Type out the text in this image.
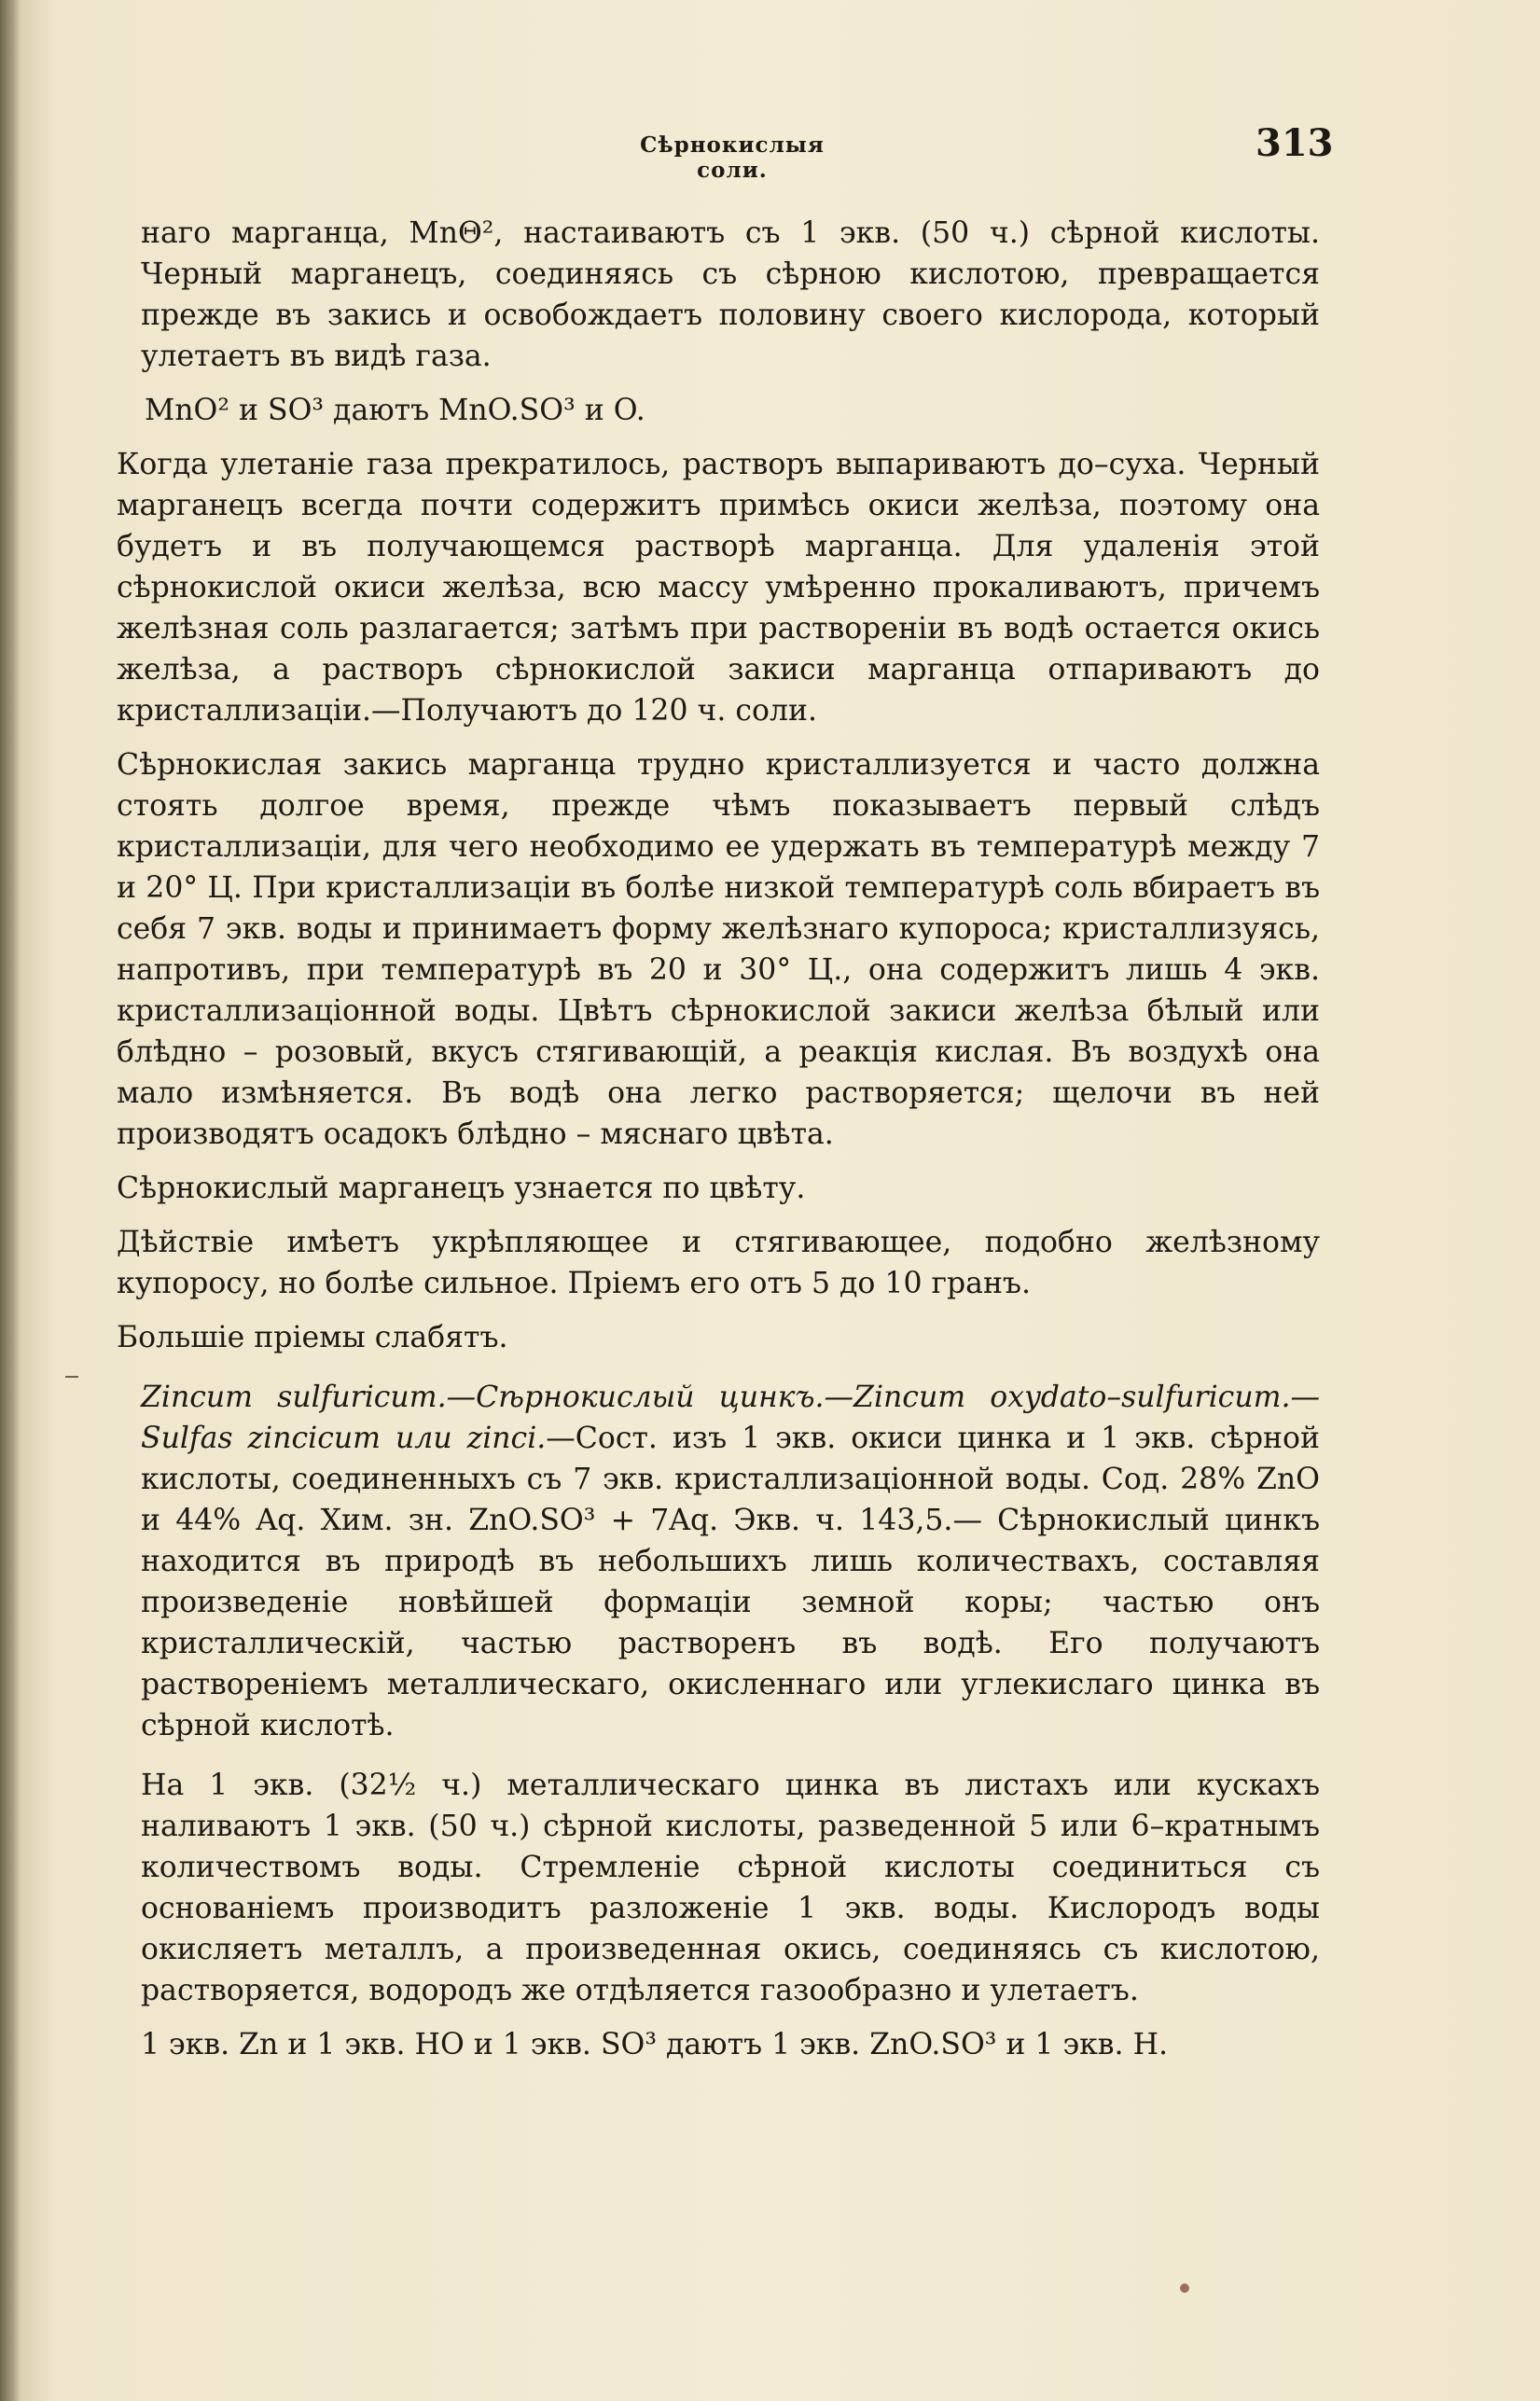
Сѣрнокислыя соли.
313

наго марганца, MnΘ², настаиваютъ съ 1 экв. (50 ч.) сѣрной кислоты. Черный марганецъ, соединяясь съ сѣрною кислотою, превращается прежде въ закись и освобождаетъ половину своего кислорода, который улетаетъ въ видѣ газа.

MnO² и SO³ даютъ MnO.SO³ и O.

Когда улетаніе газа прекратилось, растворъ выпариваютъ до–суха. Черный марганецъ всегда почти содержитъ примѣсь окиси желѣза, поэтому она будетъ и въ получающемся растворѣ марганца. Для удаленія этой сѣрнокислой окиси желѣза, всю массу умѣренно прокаливаютъ, причемъ желѣзная соль разлагается; затѣмъ при раствореніи въ водѣ остается окись желѣза, а растворъ сѣрнокислой закиси марганца отпариваютъ до кристаллизаціи.—Получаютъ до 120 ч. соли.

Сѣрнокислая закись марганца трудно кристаллизуется и часто должна стоять долгое время, прежде чѣмъ показываетъ первый слѣдъ кристаллизаціи, для чего необходимо ее удержать въ температурѣ между 7 и 20° Ц. При кристаллизаціи въ болѣе низкой температурѣ соль вбираетъ въ себя 7 экв. воды и принимаетъ форму желѣзнаго купороса; кристаллизуясь, напротивъ, при температурѣ въ 20 и 30° Ц., она содержитъ лишь 4 экв. кристаллизаціонной воды. Цвѣтъ сѣрнокислой закиси желѣза бѣлый или блѣдно – розовый, вкусъ стягивающій, а реакція кислая. Въ воздухѣ она мало измѣняется. Въ водѣ она легко растворяется; щелочи въ ней производятъ осадокъ блѣдно – мяснаго цвѣта.

Сѣрнокислый марганецъ узнается по цвѣту.

Дѣйствіе имѣетъ укрѣпляющее и стягивающее, подобно желѣзному купоросу, но болѣе сильное. Пріемъ его отъ 5 до 10 гранъ.

Большіе пріемы слабятъ.

Zincum sulfuricum.—Сѣрнокислый цинкъ.—Zincum oxydato–sulfuricum.—Sulfas zincicum или zinci.—Сост. изъ 1 экв. окиси цинка и 1 экв. сѣрной кислоты, соединенныхъ съ 7 экв. кристаллизаціонной воды. Сод. 28% ZnO и 44% Aq. Хим. зн. ZnO.SO³ + 7Aq. Экв. ч. 143,5.— Сѣрнокислый цинкъ находится въ природѣ въ небольшихъ лишь количествахъ, составляя произведеніе новѣйшей формаціи земной коры; частью онъ кристаллическій, частью растворенъ въ водѣ. Его получаютъ раствореніемъ металлическаго, окисленнаго или углекислаго цинка въ сѣрной кислотѣ.

На 1 экв. (32½ ч.) металлическаго цинка въ листахъ или кускахъ наливаютъ 1 экв. (50 ч.) сѣрной кислоты, разведенной 5 или 6–кратнымъ количествомъ воды. Стремленіе сѣрной кислоты соединиться съ основаніемъ производитъ разложеніе 1 экв. воды. Кислородъ воды окисляетъ металлъ, а произведенная окись, соединяясь съ кислотою, растворяется, водородъ же отдѣляется газообразно и улетаетъ.

1 экв. Zn и 1 экв. HO и 1 экв. SO³ даютъ 1 экв. ZnO.SO³ и 1 экв. H.
